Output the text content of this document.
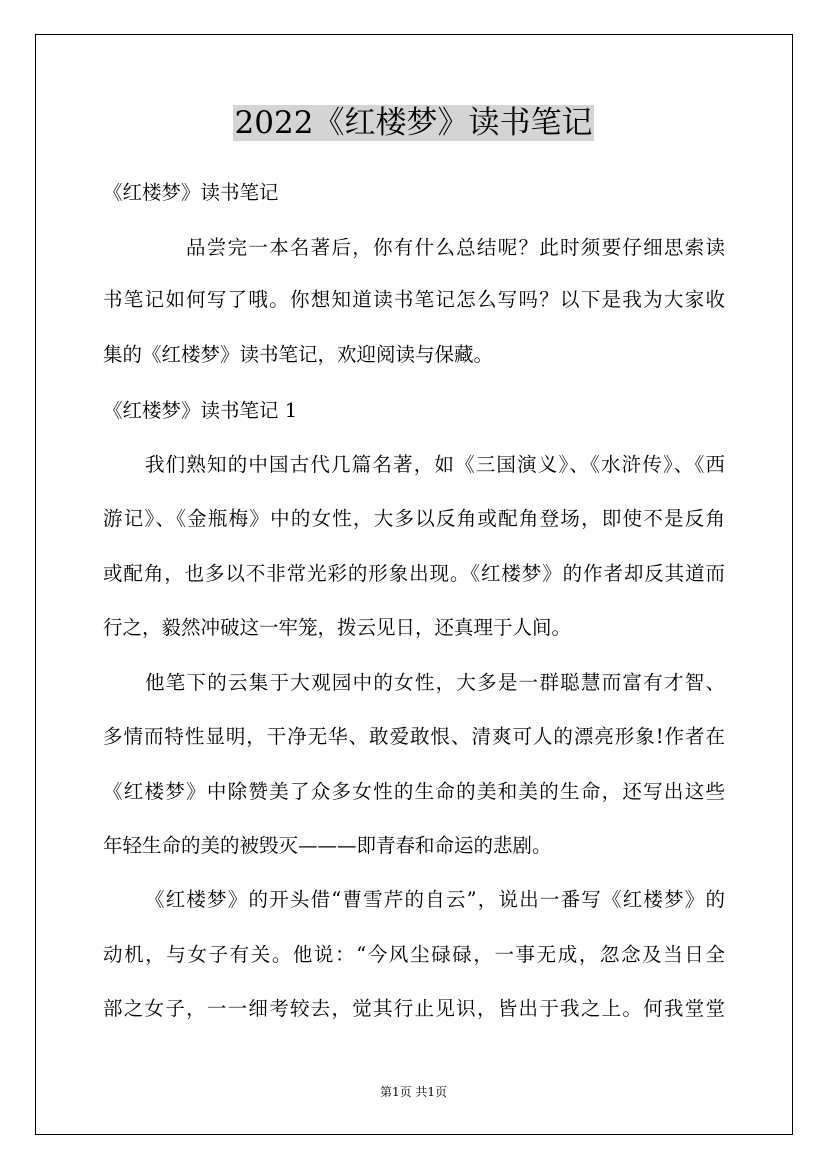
2022《红楼梦》读书笔记
《红楼梦》读书笔记
品尝完一本名著后，你有什么总结呢？此时须要仔细思索读
书笔记如何写了哦。你想知道读书笔记怎么写吗？以下是我为大家收
集的《红楼梦》读书笔记，欢迎阅读与保藏。
《红楼梦》读书笔记 1
我们熟知的中国古代几篇名著，如《三国演义》、《水浒传》、《西
游记》、《金瓶梅》中的女性，大多以反角或配角登场，即使不是反角
或配角，也多以不非常光彩的形象出现。《红楼梦》的作者却反其道而
行之，毅然冲破这一牢笼，拨云见日，还真理于人间。
他笔下的云集于大观园中的女性，大多是一群聪慧而富有才智、
多情而特性显明，干净无华、敢爱敢恨、清爽可人的漂亮形象!作者在
《红楼梦》中除赞美了众多女性的生命的美和美的生命，还写出这些
年轻生命的美的被毁灭———即青春和命运的悲剧。
《红楼梦》的开头借“曹雪芹的自云”，说出一番写《红楼梦》的
动机，与女子有关。他说：“今风尘碌碌，一事无成，忽念及当日全
部之女子，一一细考较去，觉其行止见识，皆出于我之上。何我堂堂
第1页 共1页
